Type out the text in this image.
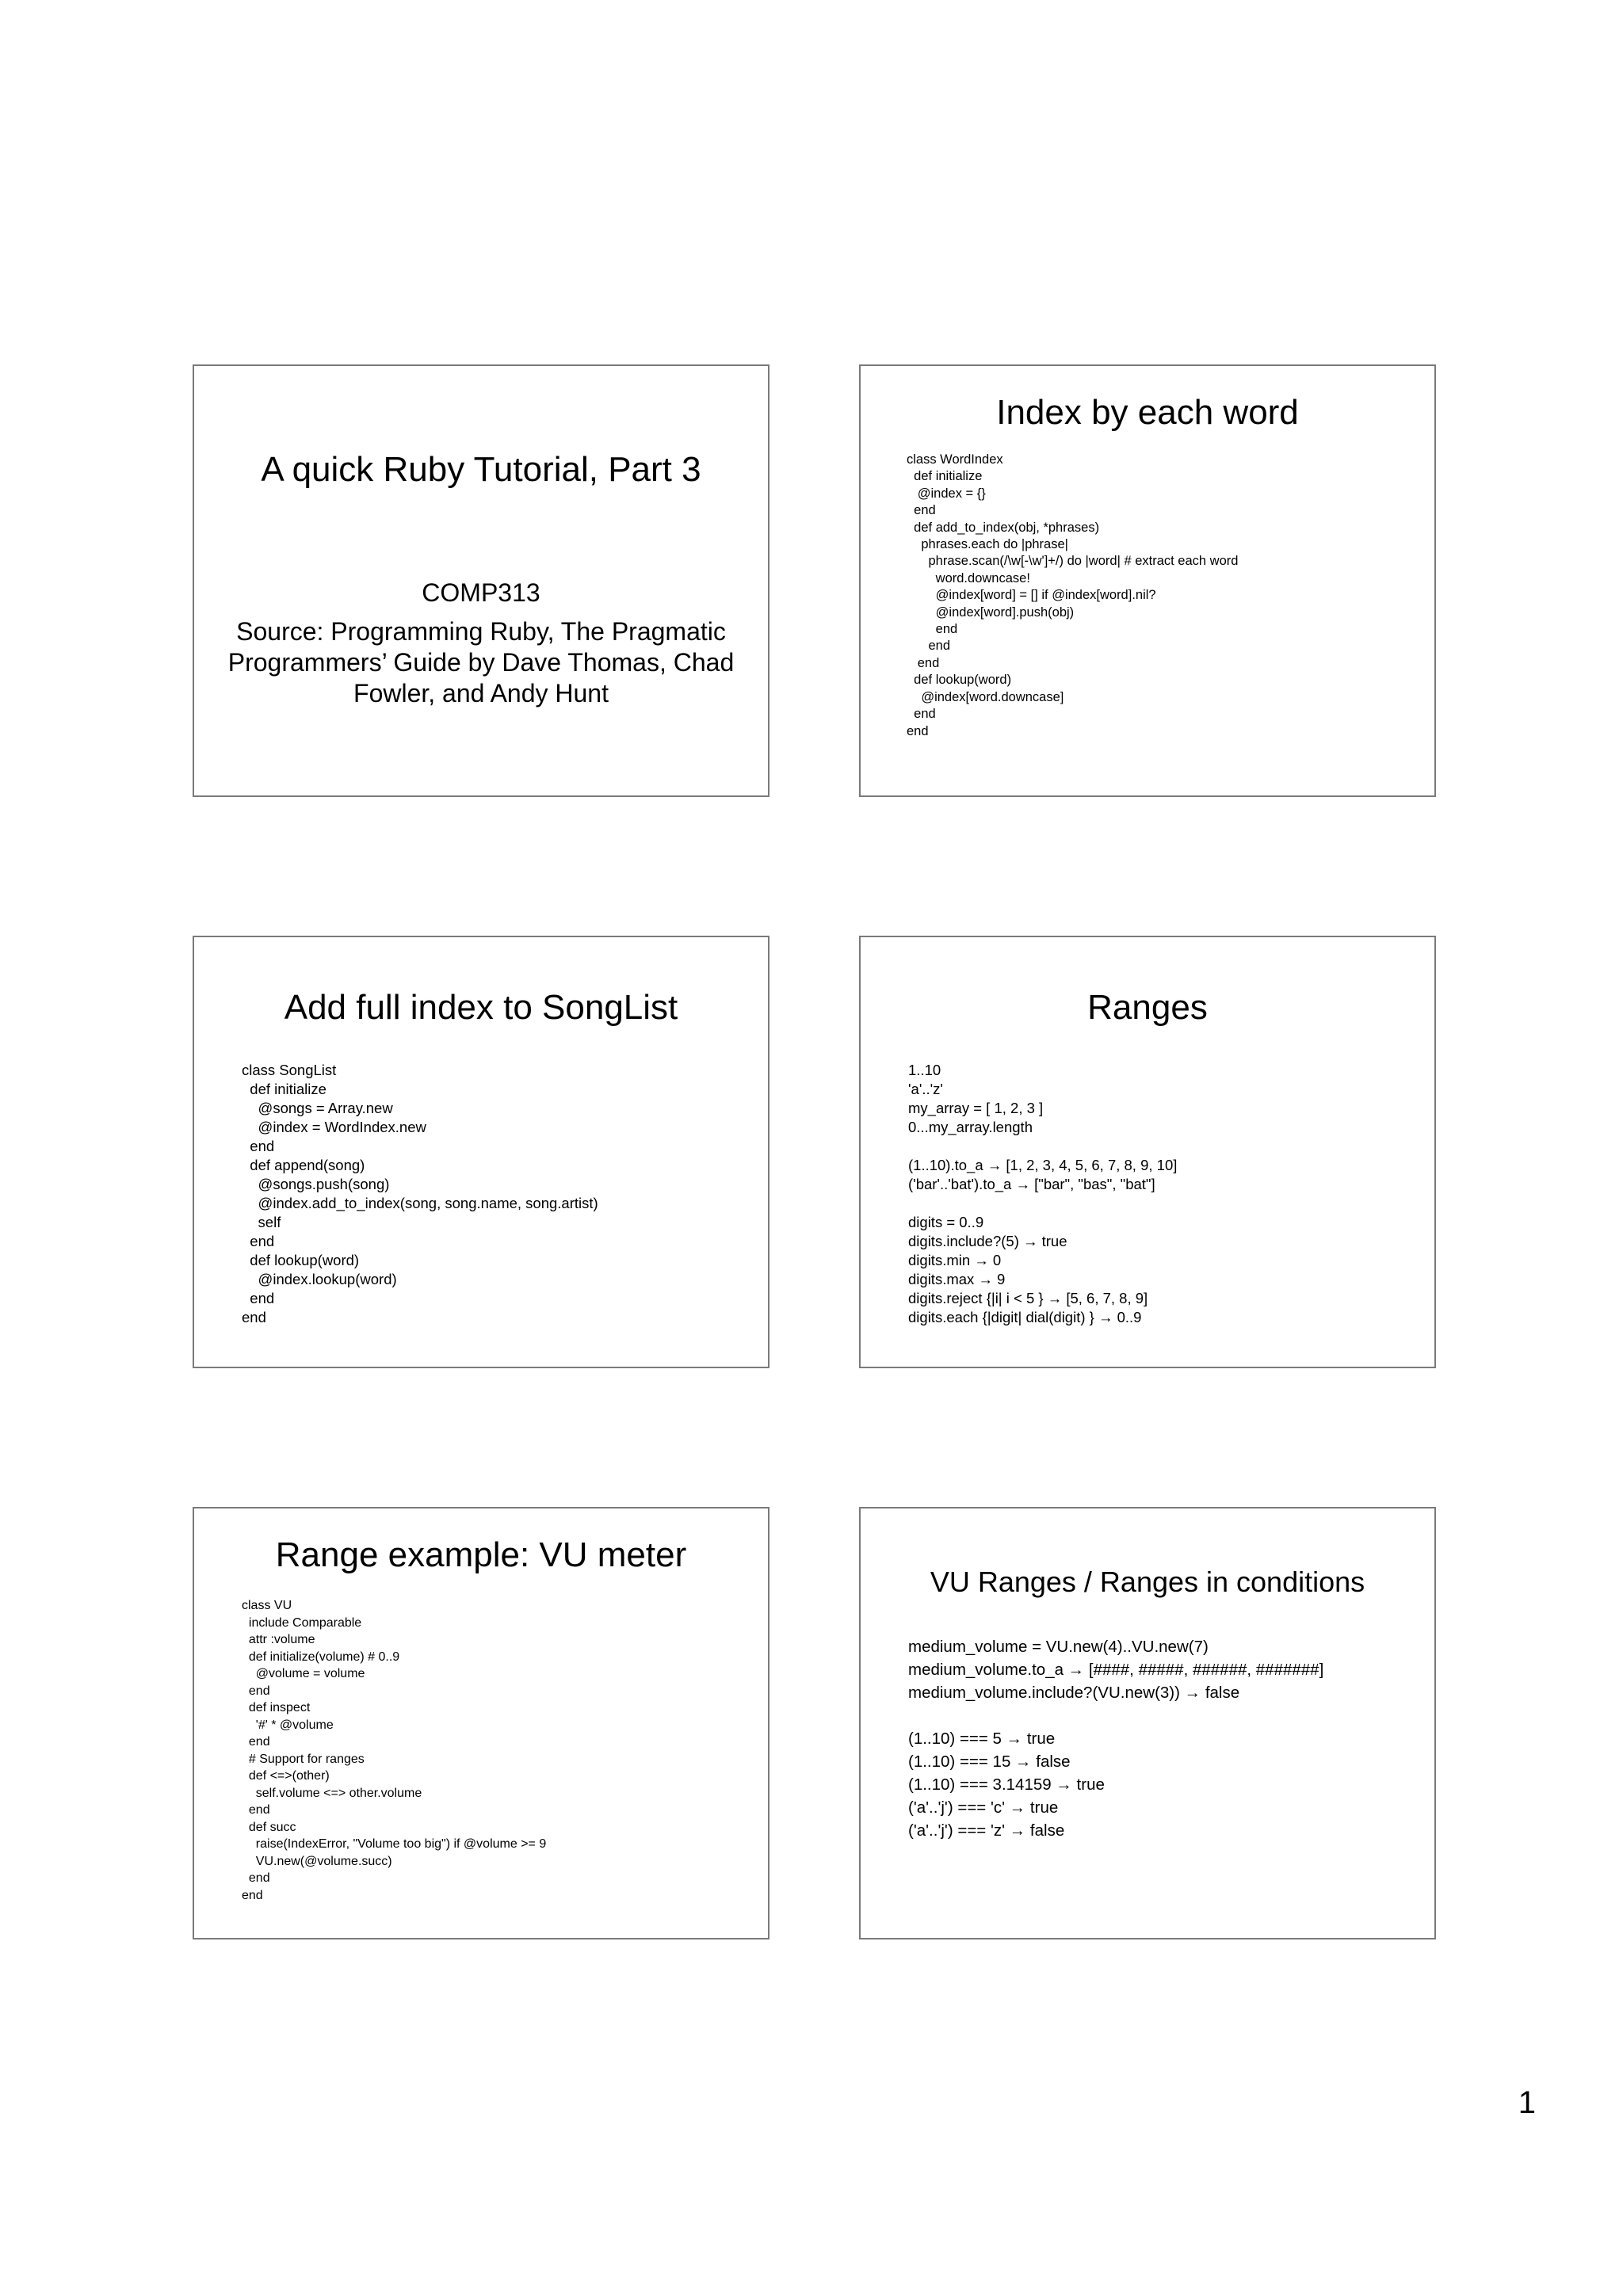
A quick Ruby Tutorial, Part 3

COMP313

Source: Programming Ruby, The Pragmatic Programmers’ Guide by Dave Thomas, Chad Fowler, and Andy Hunt

Index by each word
class WordIndex
def initialize
@index = {}
end
def add_to_index(obj, *phrases)
phrases.each do |phrase|
phrase.scan(/\w[-\w']+/) do |word| # extract each word
word.downcase!
@index[word] = [] if @index[word].nil?
@index[word].push(obj)
end
end
end
def lookup(word)
@index[word.downcase]
end
end
Add full index to SongList
class SongList
def initialize
@songs = Array.new
@index = WordIndex.new
end
def append(song)
@songs.push(song)
@index.add_to_index(song, song.name, song.artist)
self
end
def lookup(word)
@index.lookup(word)
end
end
Ranges
1..10
'a'..'z'
my_array = [ 1, 2, 3 ]
0...my_array.length

(1..10).to_a → [1, 2, 3, 4, 5, 6, 7, 8, 9, 10]
('bar'..'bat').to_a → ["bar", "bas", "bat"]

digits = 0..9
digits.include?(5) → true
digits.min → 0
digits.max → 9
digits.reject {|i| i < 5 } → [5, 6, 7, 8, 9]
digits.each {|digit| dial(digit) } → 0..9
Range example: VU meter
class VU
include Comparable
attr :volume
def initialize(volume) # 0..9
@volume = volume
end
def inspect
'#' * @volume
end
# Support for ranges
def <=>(other)
self.volume <=> other.volume
end
def succ
raise(IndexError, "Volume too big") if @volume >= 9
VU.new(@volume.succ)
end
end
VU Ranges / Ranges in conditions
medium_volume = VU.new(4)..VU.new(7)
medium_volume.to_a → [####, #####, ######, #######]
medium_volume.include?(VU.new(3)) → false

(1..10) === 5 → true
(1..10) === 15 → false
(1..10) === 3.14159 → true
('a'..'j') === 'c' → true
('a'..'j') === 'z' → false

1
